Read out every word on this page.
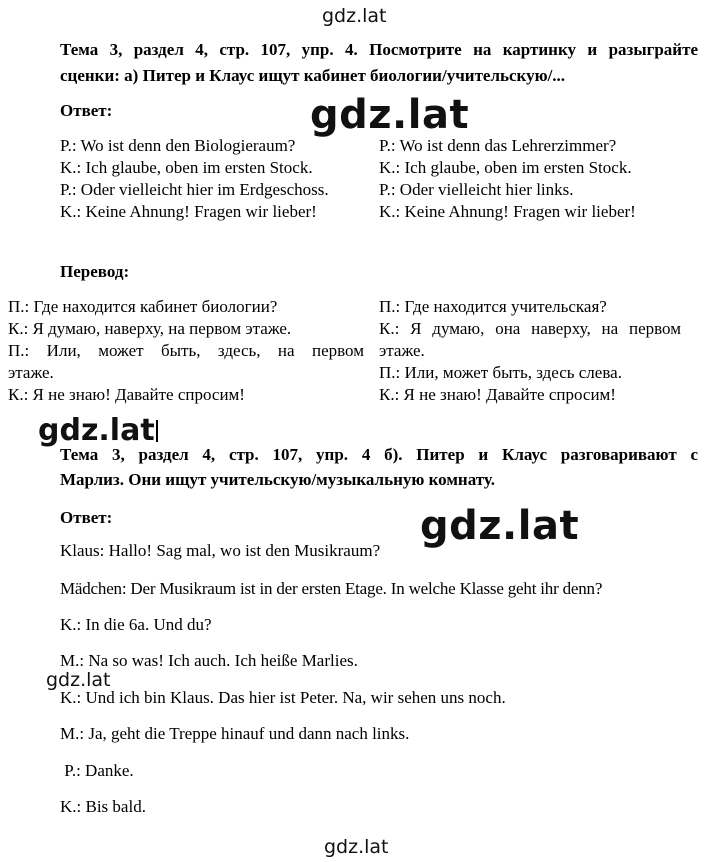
gdz.lat
gdz.lat
gdz.lat
gdz.lat
gdz.lat
gdz.lat
Тема 3, раздел 4, стр. 107, упр. 4. Посмотрите на картинку и разыграйте
сценки: а) Питер и Клаус ищут кабинет биологии/учительскую/...
Ответ:
P.: Wo ist denn den Biologieraum?
K.: Ich glaube, oben im ersten Stock.
P.: Oder vielleicht hier im Erdgeschoss.
K.: Keine Ahnung! Fragen wir lieber!
P.: Wo ist denn das Lehrerzimmer?
K.: Ich glaube, oben im ersten Stock.
P.: Oder vielleicht hier links.
K.: Keine Ahnung! Fragen wir lieber!
Перевод:
П.: Где находится кабинет биологии?
К.: Я думаю, наверху, на первом этаже.
П.: Или, может быть, здесь, на первом
этаже.
К.: Я не знаю! Давайте спросим!
П.: Где находится учительская?
К.: Я думаю, она наверху, на первом
этаже.
П.: Или, может быть, здесь слева.
К.: Я не знаю! Давайте спросим!
Тема 3, раздел 4, стр. 107, упр. 4 б). Питер и Клаус разговаривают с
Марлиз. Они ищут учительскую/музыкальную комнату.
Ответ:
Klaus: Hallo! Sag mal, wo ist den Musikraum?
Mädchen: Der Musikraum ist in der ersten Etage. In welche Klasse geht ihr denn?
K.: In die 6a. Und du?
M.: Na so was! Ich auch. Ich heiße Marlies.
K.: Und ich bin Klaus. Das hier ist Peter. Na, wir sehen uns noch.
M.: Ja, geht die Treppe hinauf und dann nach links.
P.: Danke.
K.: Bis bald.
